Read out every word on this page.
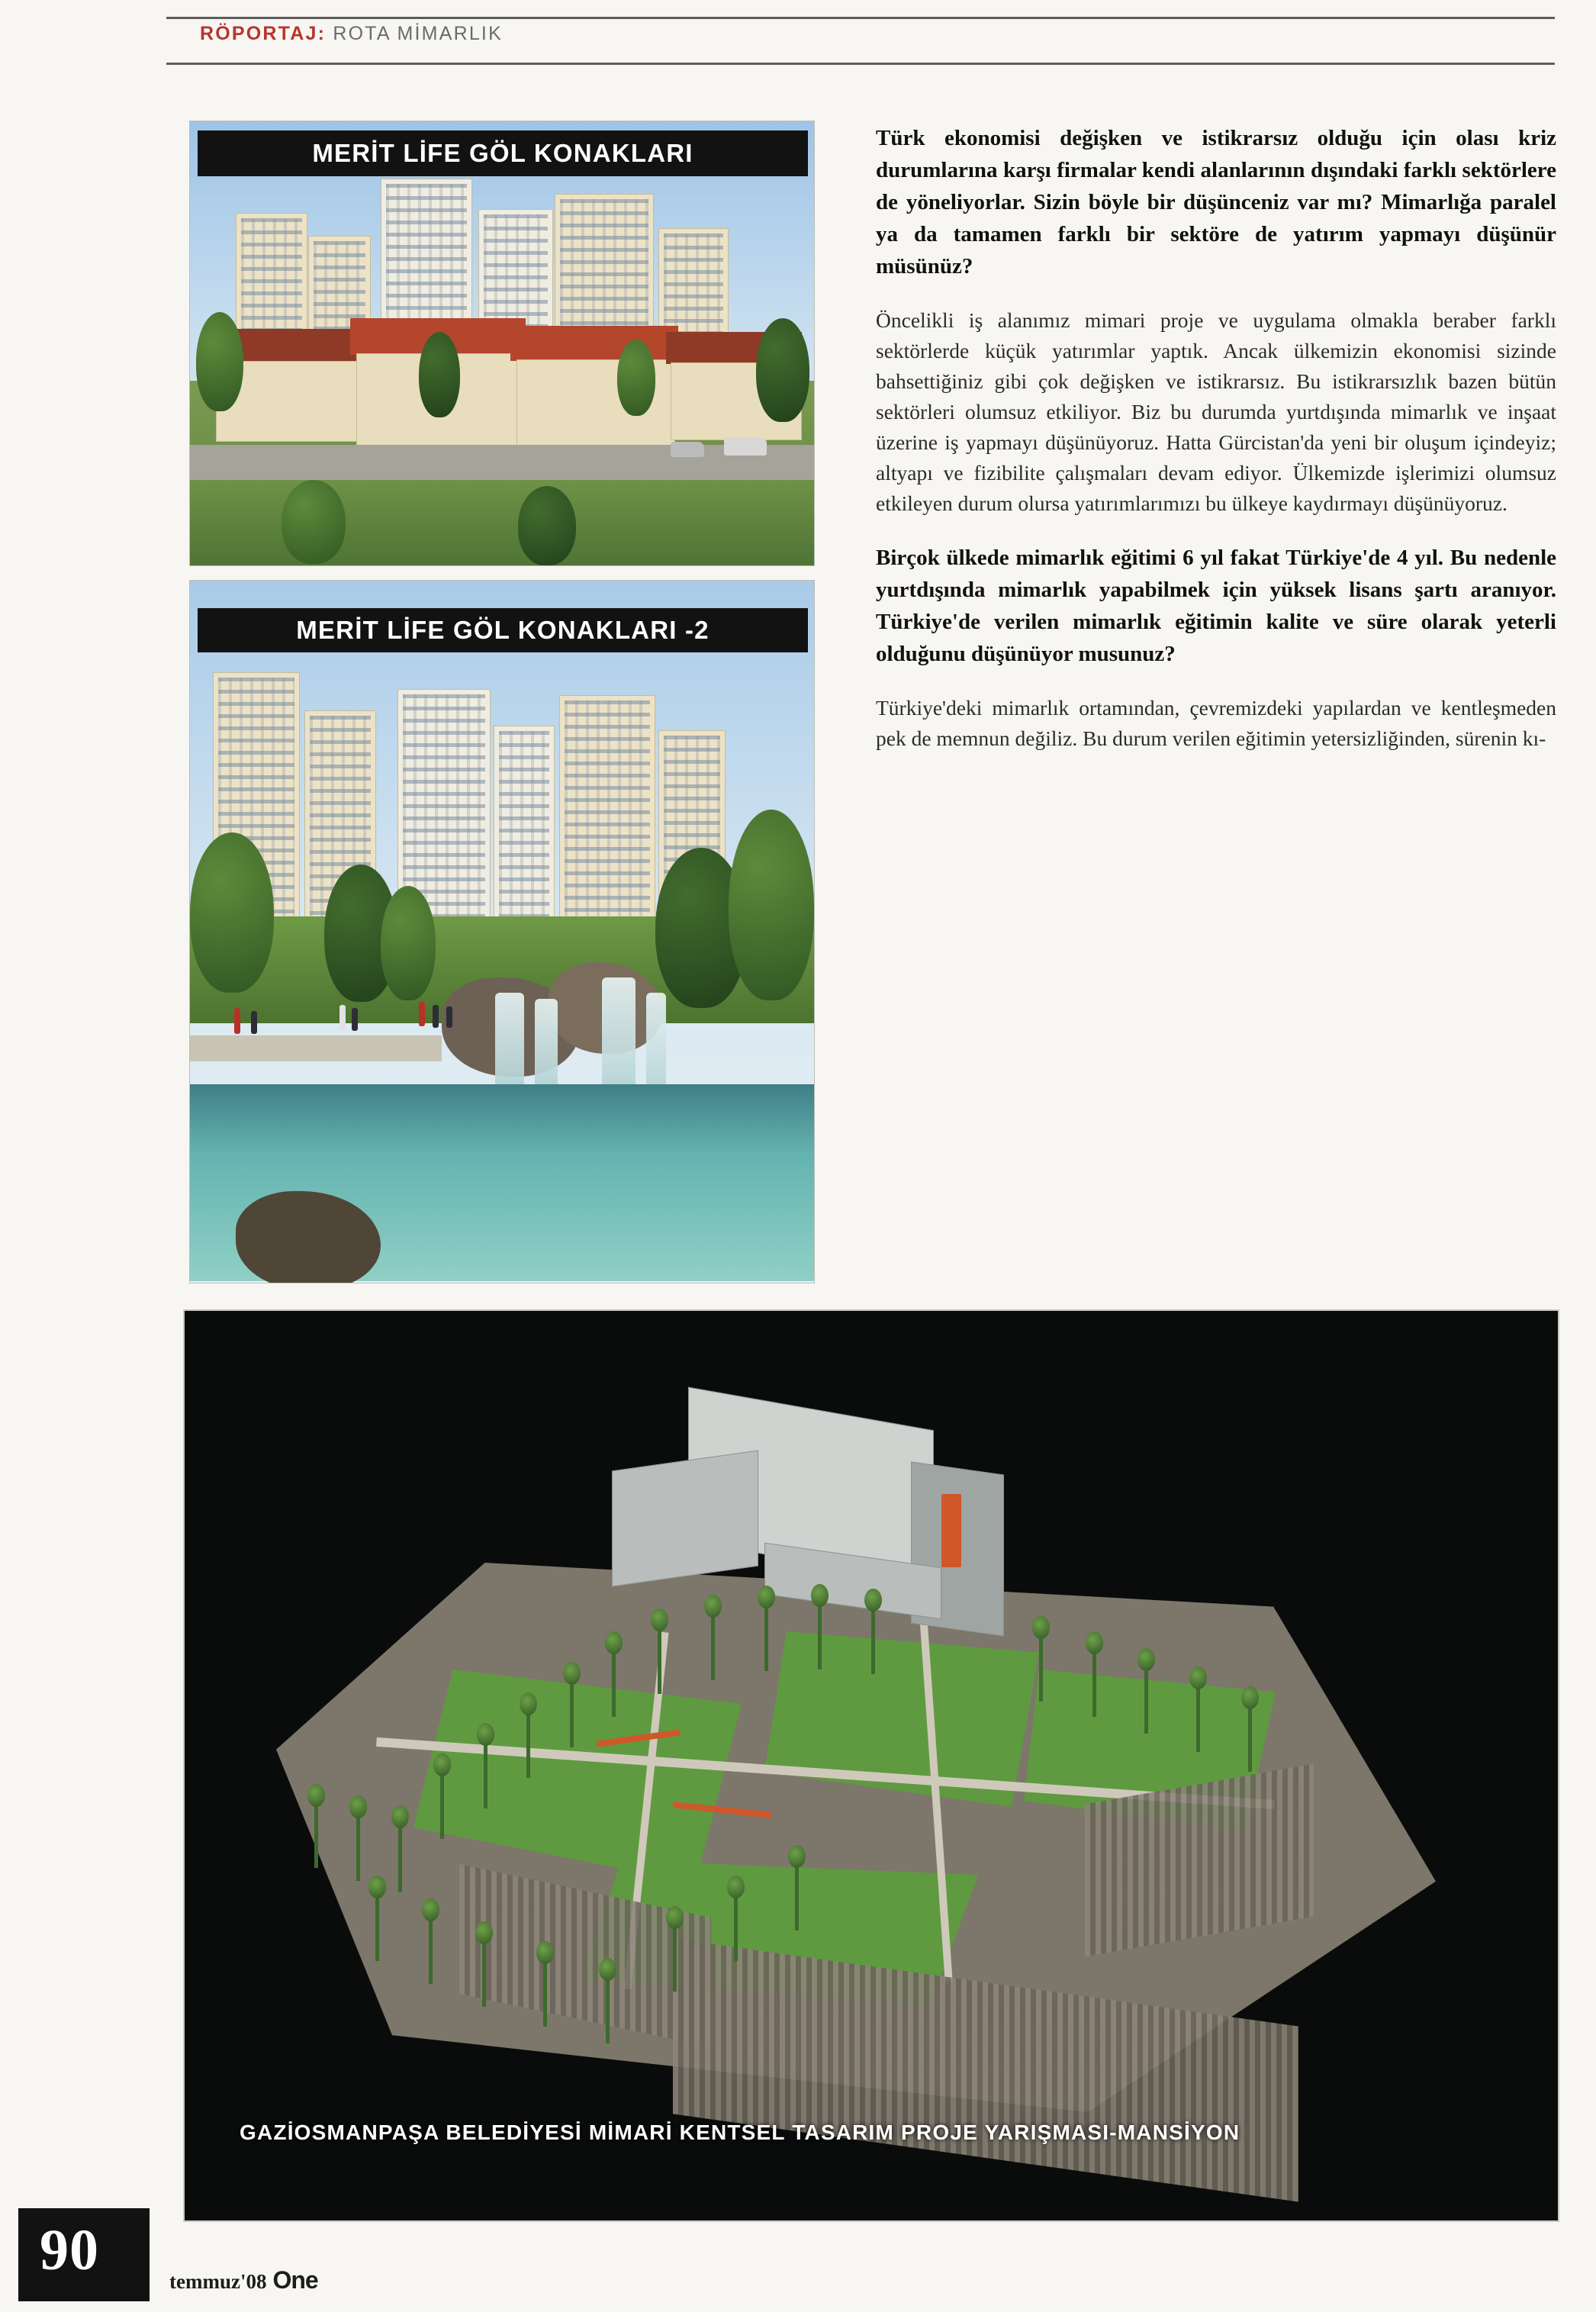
RÖPORTAJ: ROTA MİMARLIK
MERİT LİFE GÖL KONAKLARI
MERİT LİFE GÖL KONAKLARI -2
GAZİOSMANPAŞA BELEDİYESİ MİMARİ KENTSEL TASARIM PROJE YARIŞMASI-MANSİYON

Türk ekonomisi değişken ve istikrarsız olduğu için olası kriz durumlarına karşı firmalar kendi alanlarının dışındaki farklı sektörlere de yöneliyorlar. Sizin böyle bir düşünceniz var mı? Mimarlığa paralel ya da tamamen farklı bir sektöre de yatırım yapmayı düşünür müsünüz?

Öncelikli iş alanımız mimari proje ve uygulama olmakla beraber farklı sektörlerde küçük yatırımlar yaptık. Ancak ülkemizin ekonomisi sizinde bahsettiğiniz gibi çok değişken ve istikrarsız. Bu istikrarsızlık bazen bütün sektörleri olumsuz etkiliyor. Biz bu durumda yurtdışında mimarlık ve inşaat üzerine iş yapmayı düşünüyoruz. Hatta Gürcistan'da yeni bir oluşum içindeyiz; altyapı ve fizibilite çalışmaları devam ediyor. Ülkemizde işlerimizi olumsuz etkileyen durum olursa yatırımlarımızı bu ülkeye kaydırmayı düşünüyoruz.

Birçok ülkede mimarlık eğitimi 6 yıl fakat Türkiye'de 4 yıl. Bu nedenle yurtdışında mimarlık yapabilmek için yüksek lisans şartı aranıyor. Türkiye'de verilen mimarlık eğitimin kalite ve süre olarak yeterli olduğunu düşünüyor musunuz?

Türkiye'deki mimarlık ortamından, çevremizdeki yapılardan ve kentleşmeden pek de memnun değiliz. Bu durum verilen eğitimin yetersizliğinden, sürenin kı-

90	temmuz'08 One
